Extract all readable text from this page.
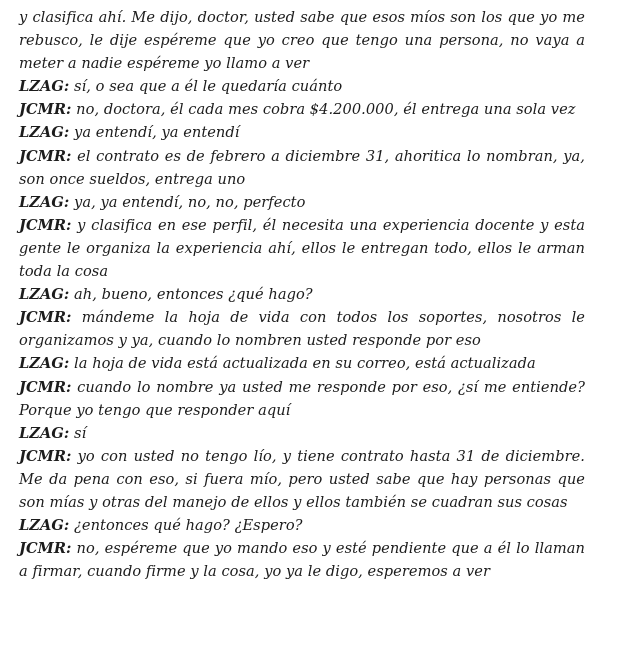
y clasifica ahí. Me dijo, doctor, usted sabe que esos míos son los que yo me rebusco, le dije espéreme que yo creo que tengo una persona, no vaya a meter a nadie espéreme yo llamo a ver

LZAG: sí, o sea que a él le quedaría cuánto

JCMR: no, doctora, él cada mes cobra $4.200.000, él entrega una sola vez

LZAG: ya entendí, ya entendí

JCMR: el contrato es de febrero a diciembre 31, ahoritica lo nombran, ya, son once sueldos, entrega uno

LZAG: ya, ya entendí, no, no, perfecto

JCMR: y clasifica en ese perfil, él necesita una experiencia docente y esta gente le organiza la experiencia ahí, ellos le entregan todo, ellos le arman toda la cosa

LZAG: ah, bueno, entonces ¿qué hago?

JCMR: mándeme la hoja de vida con todos los soportes, nosotros le organizamos y ya, cuando lo nombren usted responde por eso

LZAG: la hoja de vida está actualizada en su correo, está actualizada

JCMR: cuando lo nombre ya usted me responde por eso, ¿sí me entiende? Porque yo tengo que responder aquí

LZAG: sí

JCMR: yo con usted no tengo lío, y tiene contrato hasta 31 de diciembre. Me da pena con eso, si fuera mío, pero usted sabe que hay personas que son mías y otras del manejo de ellos y ellos también se cuadran sus cosas

LZAG: ¿entonces qué hago? ¿Espero?

JCMR: no, espéreme que yo mando eso y esté pendiente que a él lo llaman a firmar, cuando firme y la cosa, yo ya le digo, esperemos a ver
